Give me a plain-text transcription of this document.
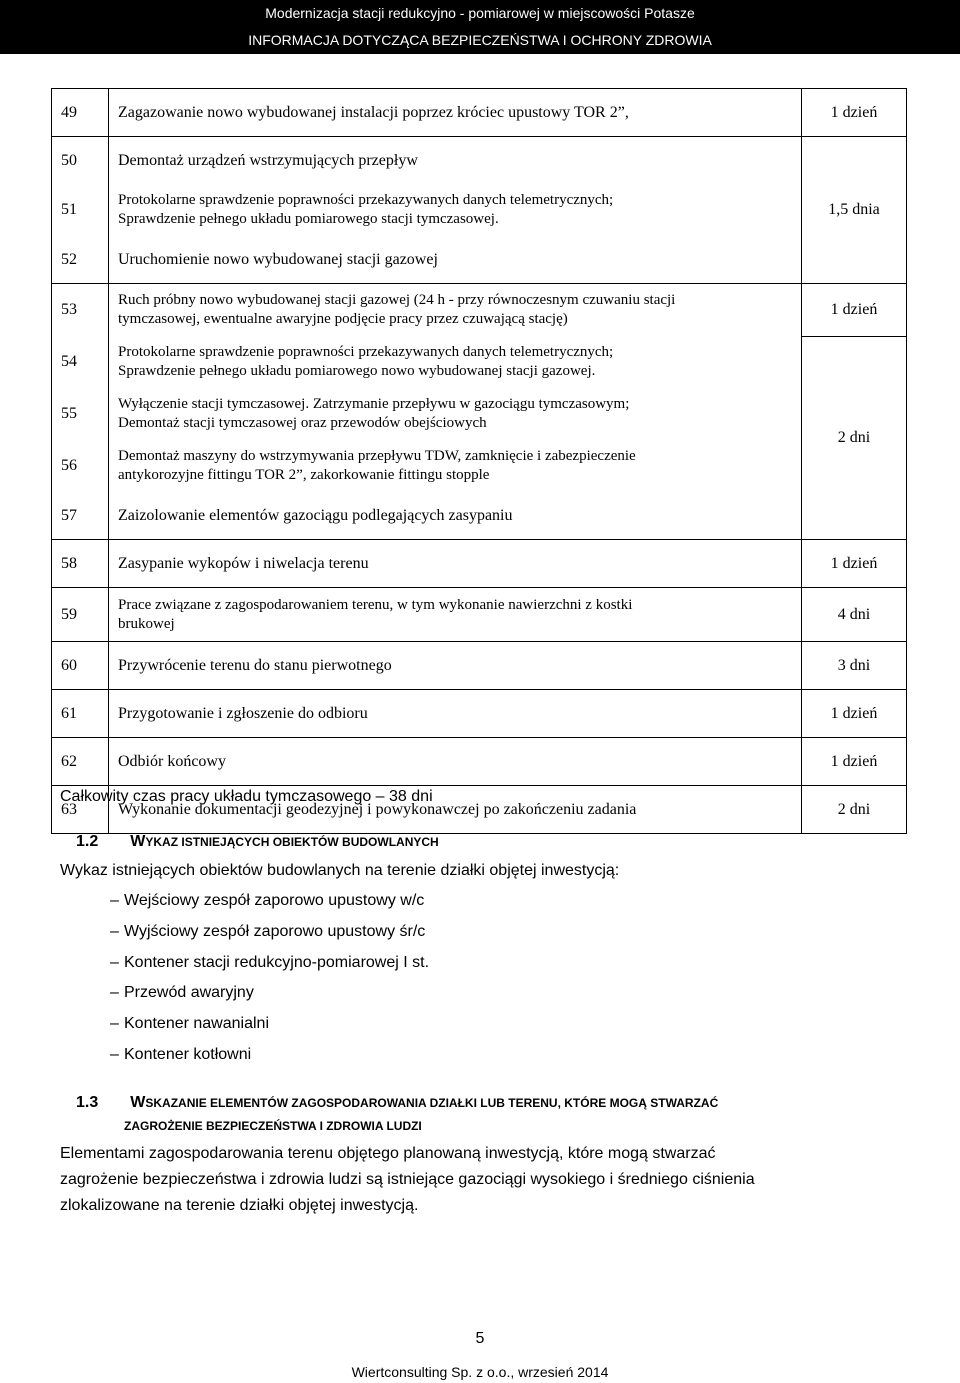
Modernizacja stacji redukcyjno - pomiarowej w miejscowości Potasze
INFORMACJA DOTYCZĄCA BEZPIECZEŃSTWA I OCHRONY ZDROWIA
49	Zagazowanie nowo wybudowanej instalacji poprzez króciec upustowy TOR 2”,	1 dzień
50	Demontaż urządzeń wstrzymujących przepływ	1,5 dnia
51	Protokolarne sprawdzenie poprawności przekazywanych danych telemetrycznych;
Sprawdzenie pełnego układu pomiarowego stacji tymczasowej.	

52	Uruchomienie nowo wybudowanej stacji gazowej	
53	Ruch próbny nowo wybudowanej stacji gazowej (24 h - przy równoczesnym czuwaniu stacji
tymczasowej, ewentualne awaryjne podjęcie pracy przez czuwającą stację)	1 dzień
54	Protokolarne sprawdzenie poprawności przekazywanych danych telemetrycznych;
Sprawdzenie pełnego układu pomiarowego nowo wybudowanej stacji gazowej.	2 dni
55	Wyłączenie stacji tymczasowej. Zatrzymanie przepływu w gazociągu tymczasowym;
Demontaż stacji tymczasowej oraz przewodów obejściowych	

56	Demontaż maszyny do wstrzymywania przepływu TDW, zamknięcie i zabezpieczenie
antykorozyjne fittingu TOR 2”, zakorkowanie fittingu stopple	

57	Zaizolowanie elementów gazociągu podlegających zasypaniu	
58	Zasypanie wykopów i niwelacja terenu	1 dzień
59	Prace związane z zagospodarowaniem terenu, w tym wykonanie nawierzchni z kostki
brukowej	4 dni
60	Przywrócenie terenu do stanu pierwotnego	3 dni
61	Przygotowanie i zgłoszenie do odbioru	1 dzień
62	Odbiór końcowy	1 dzień
63	Wykonanie dokumentacji geodezyjnej i powykonawczej po zakończeniu zadania	2 dni
Całkowity czas pracy układu tymczasowego – 38 dni
1.2 WYKAZ ISTNIEJĄCYCH OBIEKTÓW BUDOWLANYCH
Wykaz istniejących obiektów budowlanych na terenie działki objętej inwestycją:
– Wejściowy zespół zaporowo upustowy w/c
– Wyjściowy zespół zaporowo upustowy śr/c
– Kontener stacji redukcyjno-pomiarowej I st.
– Przewód awaryjny
– Kontener nawanialni
– Kontener kotłowni
1.3 WSKAZANIE ELEMENTÓW ZAGOSPODAROWANIA DZIAŁKI LUB TERENU, KTÓRE MOGĄ STWARZAĆ
ZAGROŻENIE BEZPIECZEŃSTWA I ZDROWIA LUDZI
Elementami zagospodarowania terenu objętego planowaną inwestycją, które mogą stwarzać
zagrożenie bezpieczeństwa i zdrowia ludzi są istniejące gazociągi wysokiego i średniego ciśnienia
zlokalizowane na terenie działki objętej inwestycją.
5
Wiertconsulting Sp. z o.o., wrzesień 2014
